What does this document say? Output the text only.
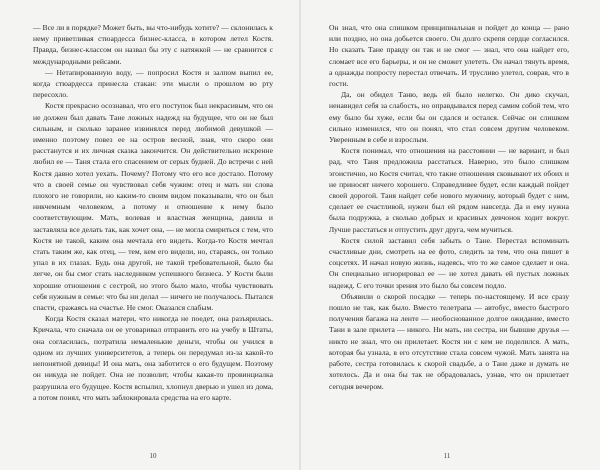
— Все ли в порядке? Может быть, вы что-нибудь хотите? — склонилась к нему приветливая стюардесса бизнес-класса, в котором летел Костя. Правда, бизнес-классом он назвал бы эту с натяжкой — не сравнится с международными рейсами.

— Нетапированную воду, — попросил Костя и залпом выпил ее, когда стюардесса принесла стакан: эти мысли о прошлом во рту пересохло.

Костя прекрасно осознавал, что его поступок был некрасивым, что он не должен был давать Тане ложных надежд на будущее, что он не был сильным, и сколько заранее извинялся перед любимой девушкой — именно поэтому повез ее на остров весной, зная, что скоро они расстанутся и их личная сказка закончится. Он действительно искренне любил ее — Таня стала его спасением от серых будней. До встречи с ней Костя давно хотел уехать. Почему? Потому что его все достало. Потому что в своей семье он чувствовал себя чужим: отец и мать ни слова плохого не говорили, но каким-то своим видом показывали, что он был никчемным человеком, а потому и отношение к нему было соответствующим. Мать, волевая и властная женщина, давила и заставляла все делать так, как хочет она, — не могла смириться с тем, что Костя не такой, каким она мечтала его видеть. Когда-то Костя мечтал стать таким же, как отец, — тем, кем его видели, но, стараясь, он только упал в их глазах. Будь она другой, не такой требовательной, было бы легче, он бы смог стать наследником успешного бизнеса. У Кости были хорошие отношения с сестрой, но этого было мало, чтобы чувствовать себя нужным в семье: что бы ни делал — ничего не получалось. Пытался спасти, сражаясь на счастье. Не смог. Оказался слабым.

Когда Костя сказал матери, что никогда не поедет, она разъярилась. Кричала, что сначала он ее уговаривал отправить его на учебу в Штаты, она согласилась, потратила немаленькие деньги, чтобы он учился в одном из лучших университетов, а теперь он передумал из-за какой-то непонятной девицы! И она мать, она заботится о его будущем. Поэтому он никуда не пойдет. Она не позволит, чтобы какая-то провинциалка разрушила его будущее. Костя вспылил, хлопнул дверью и ушел из дома, а потом понял, что мать заблокировала средства на его карте.

10

Он знал, что она слишком принципиальная и пойдет до конца — рано или поздно, но она добьется своего. Он долго скрепя сердце согласился. Но сказать Тане правду он так и не смог — знал, что она найдет его, сломает все его барьеры, и он не сможет улететь. Он начал тянуть время, а однажды попросту перестал отвечать. И трусливо улетел, соврав, что в гости.

Да, он обидел Таню, ведь ей было нелегко. Он дико скучал, ненавидел себя за слабость, но оправдывался перед самим собой тем, что ему было бы хуже, если бы он сдался и остался. Сейчас он слишком сильно изменился, что он понял, что стал совсем другим человеком. Уверенным в себе и взрослым.

Костя понимал, что отношения на расстоянии — не вариант, и был рад, что Таня предложила расстаться. Наверно, это было слишком эгоистично, но Костя считал, что такие отношения сковывают их обоих и не приносят ничего хорошего. Справедливее будет, если каждый пойдет своей дорогой. Таня найдет себе нового мужчину, который будет с ним, сделает ее счастливой, нужен был ей рядом навсегда. Да и ему нужна была подружка, а сколько добрых и красивых девчонок ходит вокруг. Лучше расстаться и отпустить друг друга, чем мучиться.

Костя силой заставил себя забыть о Тане. Перестал вспоминать счастливые дни, смотреть на ее фото, следить за тем, что она пишет в соцсетях. И начал новую жизнь, надеясь, что то же самое сделает и она. Он специально игнорировал ее — не хотел давать ей пустых ложных надежд. С его точки зрения это было бы совсем подло.

Объявили о скорой посадке — теперь по-настоящему. И все сразу пошло не так, как было. Вместо телетрапа — автобус, вместо быстрого получения багажа на ленте — необоснованное долгое ожидание, вместо Тани в зале прилета — никого. Ни мать, ни сестра, ни бывшие друзья — никто не знал, что он прилетает. Костя ни с кем не поделился. А мать, которая бы узнала, в его отсутствие стала совсем чужой. Мать занята на работе, сестра готовилась к скорой свадьбе, а о Тане даже и думать не хотелось. Да и она бы так не обрадовалась, узнав, что он прилетает сегодня вечером.

11
